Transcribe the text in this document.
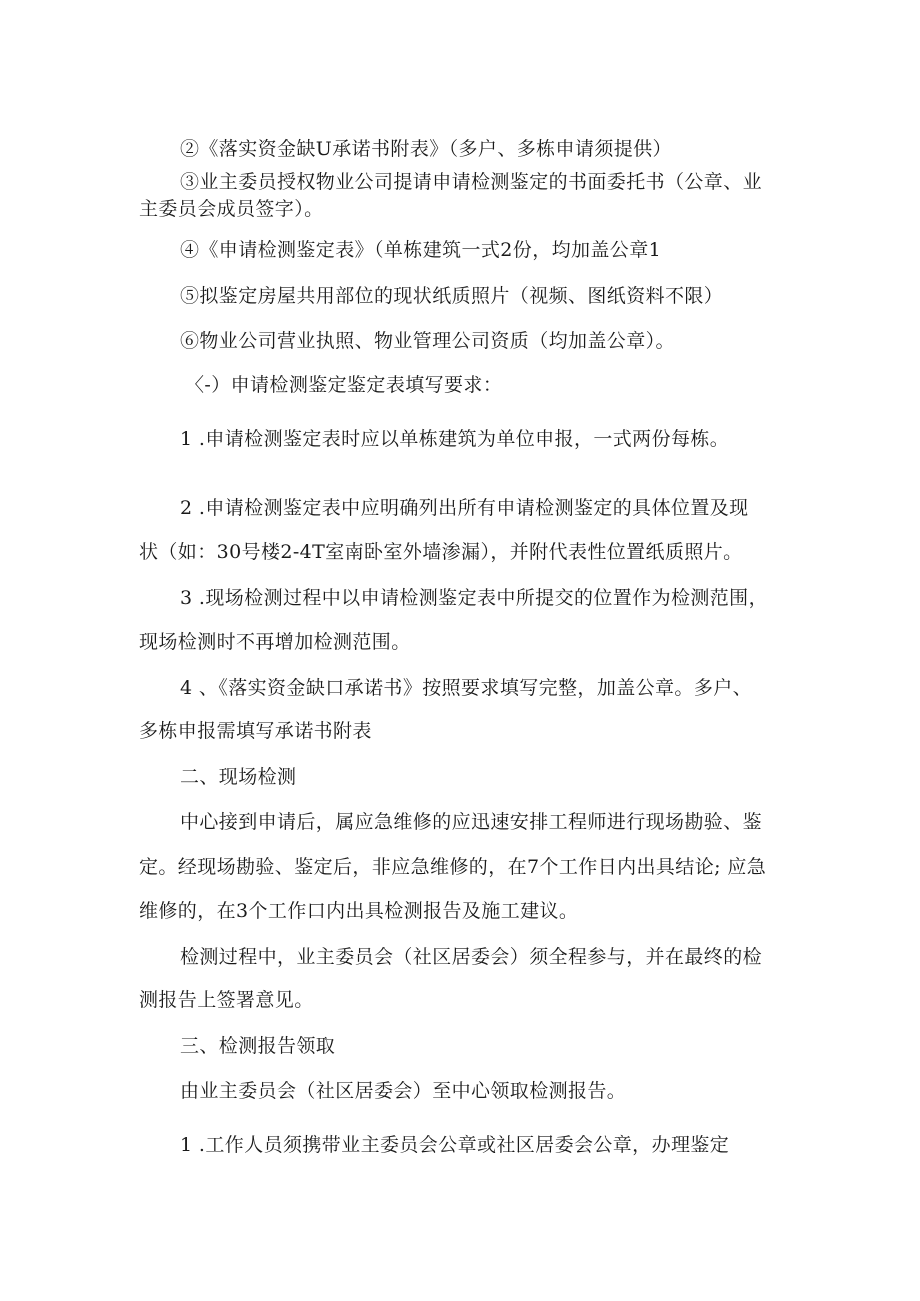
②《落实资金缺U承诺书附表》（多户、多栋申请须提供）
③业主委员授权物业公司提请申请检测鉴定的书面委托书（公章、业
主委员会成员签字）。
④《申请检测鉴定表》（单栋建筑一式2份，均加盖公章1
⑤拟鉴定房屋共用部位的现状纸质照片（视频、图纸资料不限）
⑥物业公司营业执照、物业管理公司资质（均加盖公章）。
〈-）申请检测鉴定鉴定表填写要求：
1 .申请检测鉴定表时应以单栋建筑为单位申报，一式两份每栋。
2 .申请检测鉴定表中应明确列出所有申请检测鉴定的具体位置及现
状（如：30号楼2-4T室南卧室外墙渗漏），并附代表性位置纸质照片。
3 .现场检测过程中以申请检测鉴定表中所提交的位置作为检测范围，
现场检测时不再增加检测范围。
4 、《落实资金缺口承诺书》按照要求填写完整，加盖公章。多户、
多栋申报需填写承诺书附表
二、现场检测
中心接到申请后，属应急维修的应迅速安排工程师进行现场勘验、鉴
定。经现场勘验、鉴定后，非应急维修的，在7个工作日内出具结论; 应急
维修的，在3个工作口内出具检测报告及施工建议。
检测过程中，业主委员会（社区居委会）须全程参与，并在最终的检
测报告上签署意见。
三、检测报告领取
由业主委员会（社区居委会）至中心领取检测报告。
1 .工作人员须携带业主委员会公章或社区居委会公章，办理鉴定
